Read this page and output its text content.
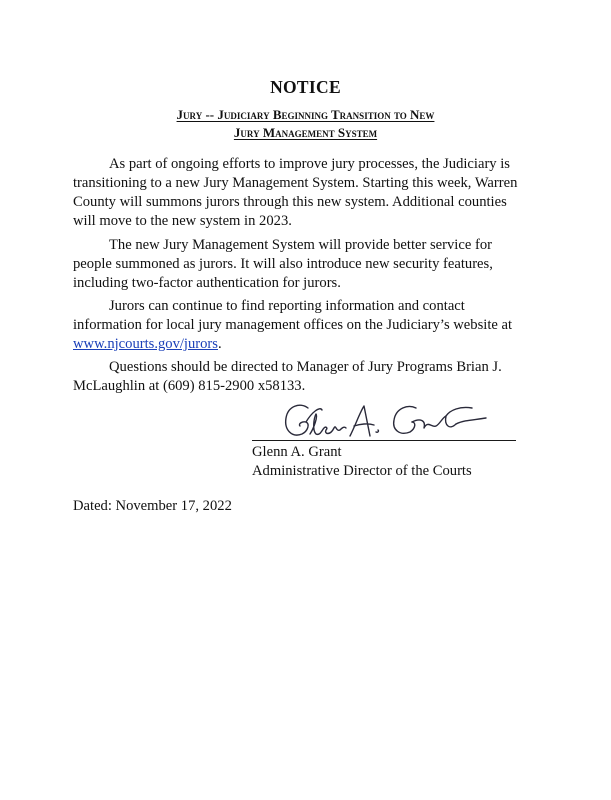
NOTICE
Jury -- Judiciary Beginning Transition to New
Jury Management System
As part of ongoing efforts to improve jury processes, the Judiciary is transitioning to a new Jury Management System. Starting this week, Warren County will summons jurors through this new system. Additional counties will move to the new system in 2023.
The new Jury Management System will provide better service for people summoned as jurors. It will also introduce new security features, including two-factor authentication for jurors.
Jurors can continue to find reporting information and contact information for local jury management offices on the Judiciary’s website at www.njcourts.gov/jurors.
Questions should be directed to Manager of Jury Programs Brian J. McLaughlin at (609) 815-2900 x58133.
Glenn A. Grant
Administrative Director of the Courts
Dated: November 17, 2022
